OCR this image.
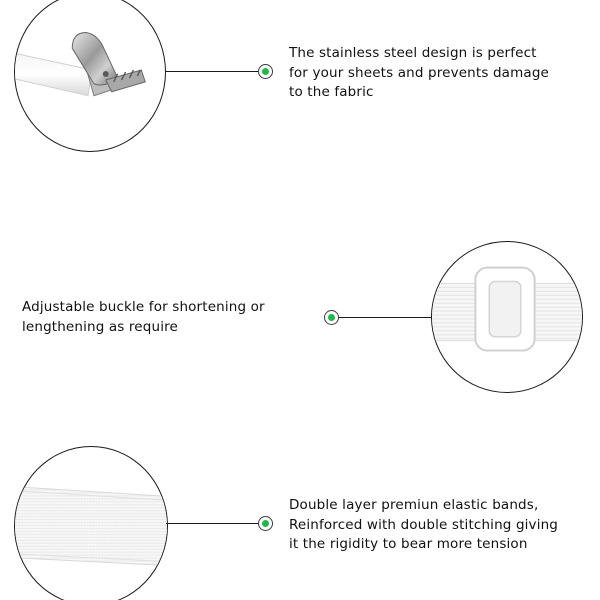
The stainless steel design is perfect
for your sheets and prevents damage
to the fabric

Adjustable buckle for shortening or
lengthening as require

Double layer premiun elastic bands,
Reinforced with double stitching giving
it the rigidity to bear more tension
